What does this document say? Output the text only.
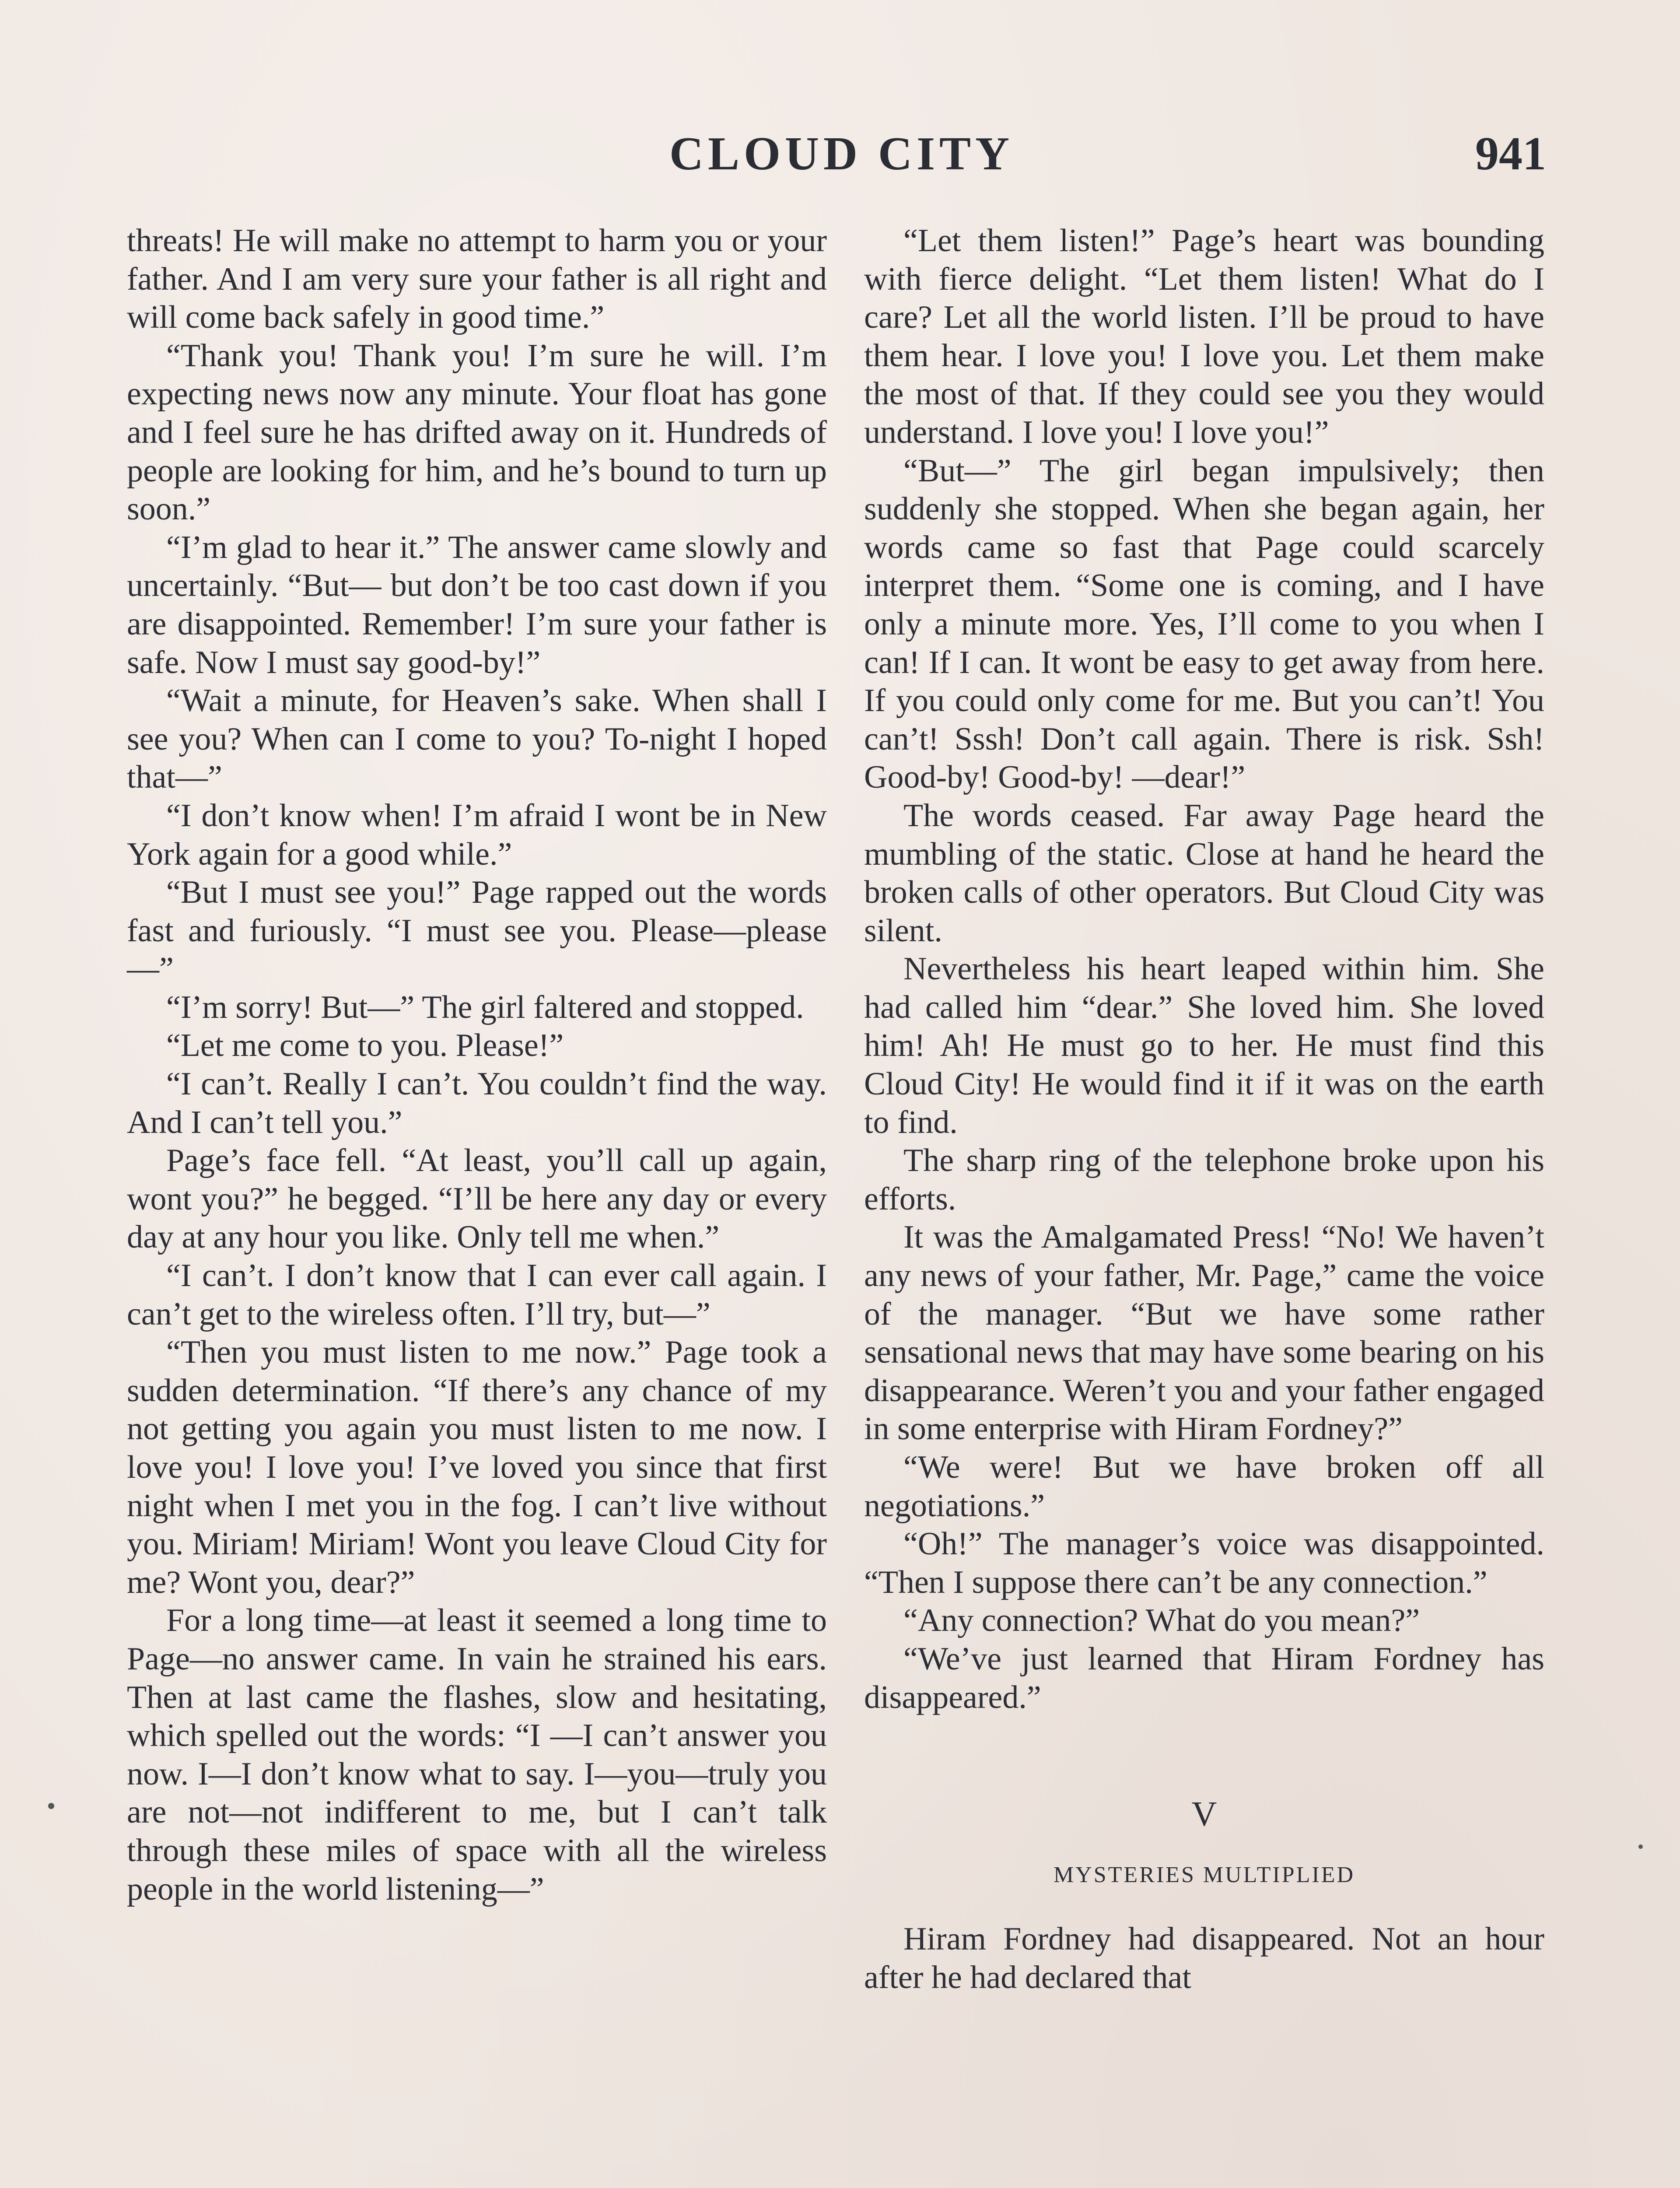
CLOUD CITY	941

threats! He will make no attempt to harm you or your father. And I am very sure your father is all right and will come back safely in good time.”

“Thank you! Thank you! I’m sure he will. I’m expecting news now any minute. Your float has gone and I feel sure he has drifted away on it. Hundreds of people are looking for him, and he’s bound to turn up soon.”

“I’m glad to hear it.” The answer came slowly and uncertainly. “But— but don’t be too cast down if you are disappointed. Remember! I’m sure your father is safe. Now I must say good-by!”

“Wait a minute, for Heaven’s sake. When shall I see you? When can I come to you? To-night I hoped that—”

“I don’t know when! I’m afraid I wont be in New York again for a good while.”

“But I must see you!” Page rapped out the words fast and furiously. “I must see you. Please—please—”

“I’m sorry! But—” The girl faltered and stopped.

“Let me come to you. Please!”

“I can’t. Really I can’t. You couldn’t find the way. And I can’t tell you.”

Page’s face fell. “At least, you’ll call up again, wont you?” he begged. “I’ll be here any day or every day at any hour you like. Only tell me when.”

“I can’t. I don’t know that I can ever call again. I can’t get to the wireless often. I’ll try, but—”

“Then you must listen to me now.” Page took a sudden determination. “If there’s any chance of my not getting you again you must listen to me now. I love you! I love you! I’ve loved you since that first night when I met you in the fog. I can’t live without you. Miriam! Miriam! Wont you leave Cloud City for me? Wont you, dear?”

For a long time—at least it seemed a long time to Page—no answer came. In vain he strained his ears. Then at last came the flashes, slow and hesitating, which spelled out the words: “I —I can’t answer you now. I—I don’t know what to say. I—you—truly you are not—not indifferent to me, but I can’t talk through these miles of space with all the wireless people in the world listening—”

“Let them listen!” Page’s heart was bounding with fierce delight. “Let them listen! What do I care? Let all the world listen. I’ll be proud to have them hear. I love you! I love you. Let them make the most of that. If they could see you they would understand. I love you! I love you!”

“But—” The girl began impulsively; then suddenly she stopped. When she began again, her words came so fast that Page could scarcely interpret them. “Some one is coming, and I have only a minute more. Yes, I’ll come to you when I can! If I can. It wont be easy to get away from here. If you could only come for me. But you can’t! You can’t! Sssh! Don’t call again. There is risk. Ssh! Good-by! Good-by! —dear!”

The words ceased. Far away Page heard the mumbling of the static. Close at hand he heard the broken calls of other operators. But Cloud City was silent.

Nevertheless his heart leaped within him. She had called him “dear.” She loved him. She loved him! Ah! He must go to her. He must find this Cloud City! He would find it if it was on the earth to find.

The sharp ring of the telephone broke upon his efforts.

It was the Amalgamated Press! “No! We haven’t any news of your father, Mr. Page,” came the voice of the manager. “But we have some rather sensational news that may have some bearing on his disappearance. Weren’t you and your father engaged in some enterprise with Hiram Fordney?”

“We were! But we have broken off all negotiations.”

“Oh!” The manager’s voice was disappointed. “Then I suppose there can’t be any connection.”

“Any connection? What do you mean?”

“We’ve just learned that Hiram Fordney has disappeared.”

V

MYSTERIES MULTIPLIED

Hiram Fordney had disappeared. Not an hour after he had declared that
